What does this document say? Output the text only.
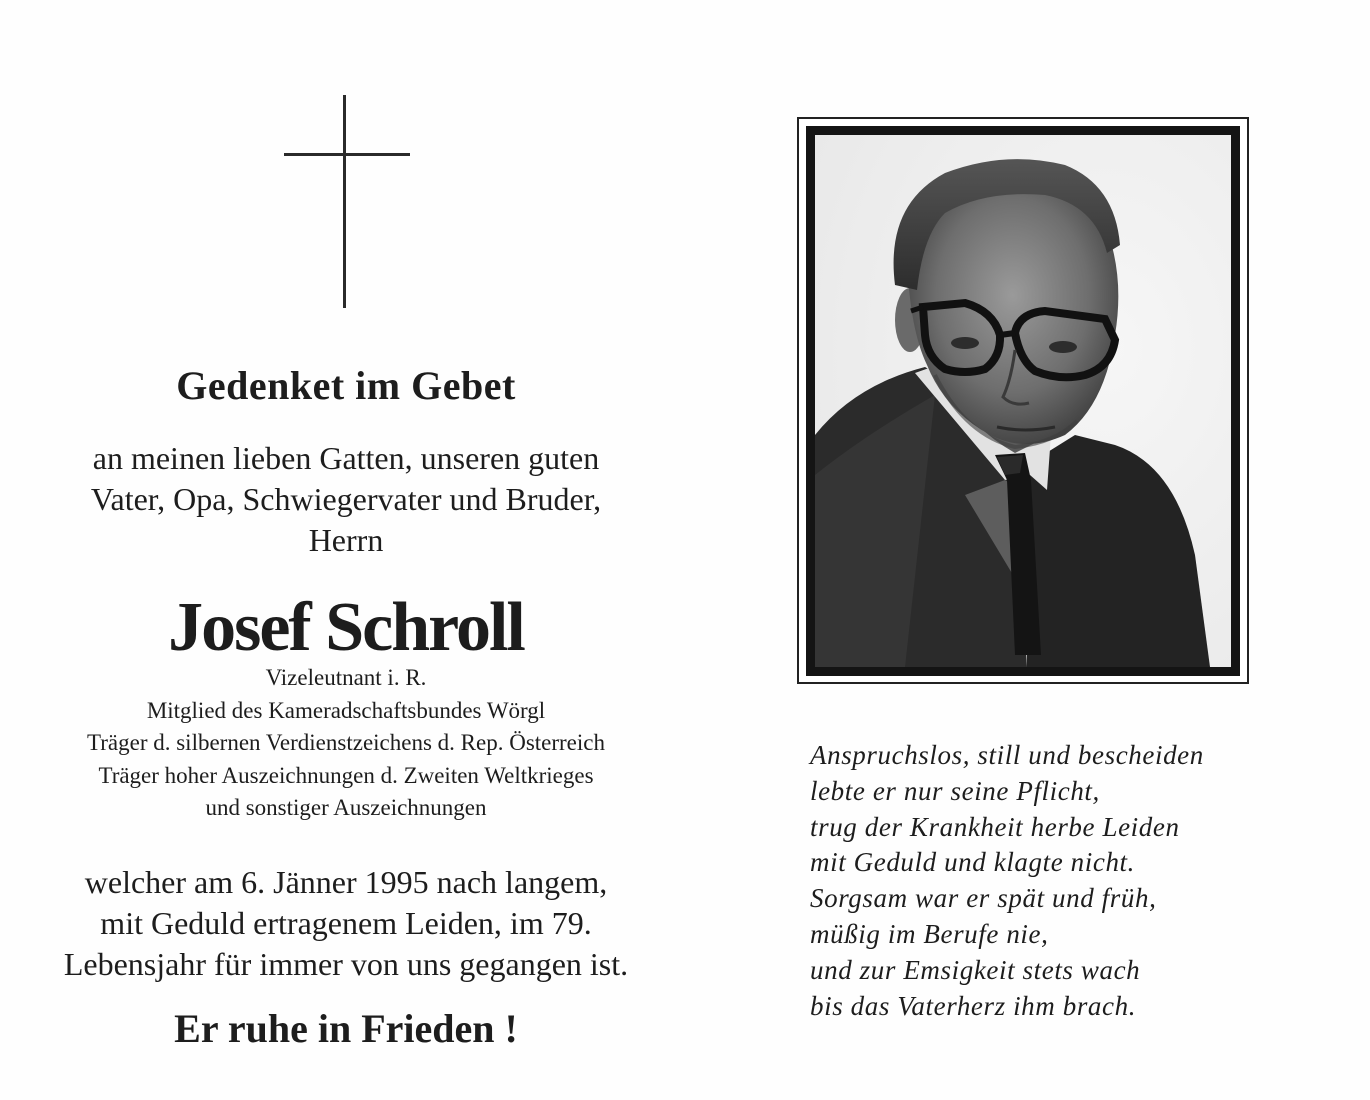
Gedenket im Gebet
an meinen lieben Gatten, unseren guten
Vater, Opa, Schwiegervater und Bruder,
Herrn
Josef Schroll
Vizeleutnant i. R.
Mitglied des Kameradschaftsbundes Wörgl
Träger d. silbernen Verdienstzeichens d. Rep. Österreich
Träger hoher Auszeichnungen d. Zweiten Weltkrieges
und sonstiger Auszeichnungen
welcher am 6. Jänner 1995 nach langem,
mit Geduld ertragenem Leiden, im 79.
Lebensjahr für immer von uns gegangen ist.
Er ruhe in Frieden !
Anspruchslos, still und bescheiden
lebte er nur seine Pflicht,
trug der Krankheit herbe Leiden
mit Geduld und klagte nicht.
Sorgsam war er spät und früh,
müßig im Berufe nie,
und zur Emsigkeit stets wach
bis das Vaterherz ihm brach.
